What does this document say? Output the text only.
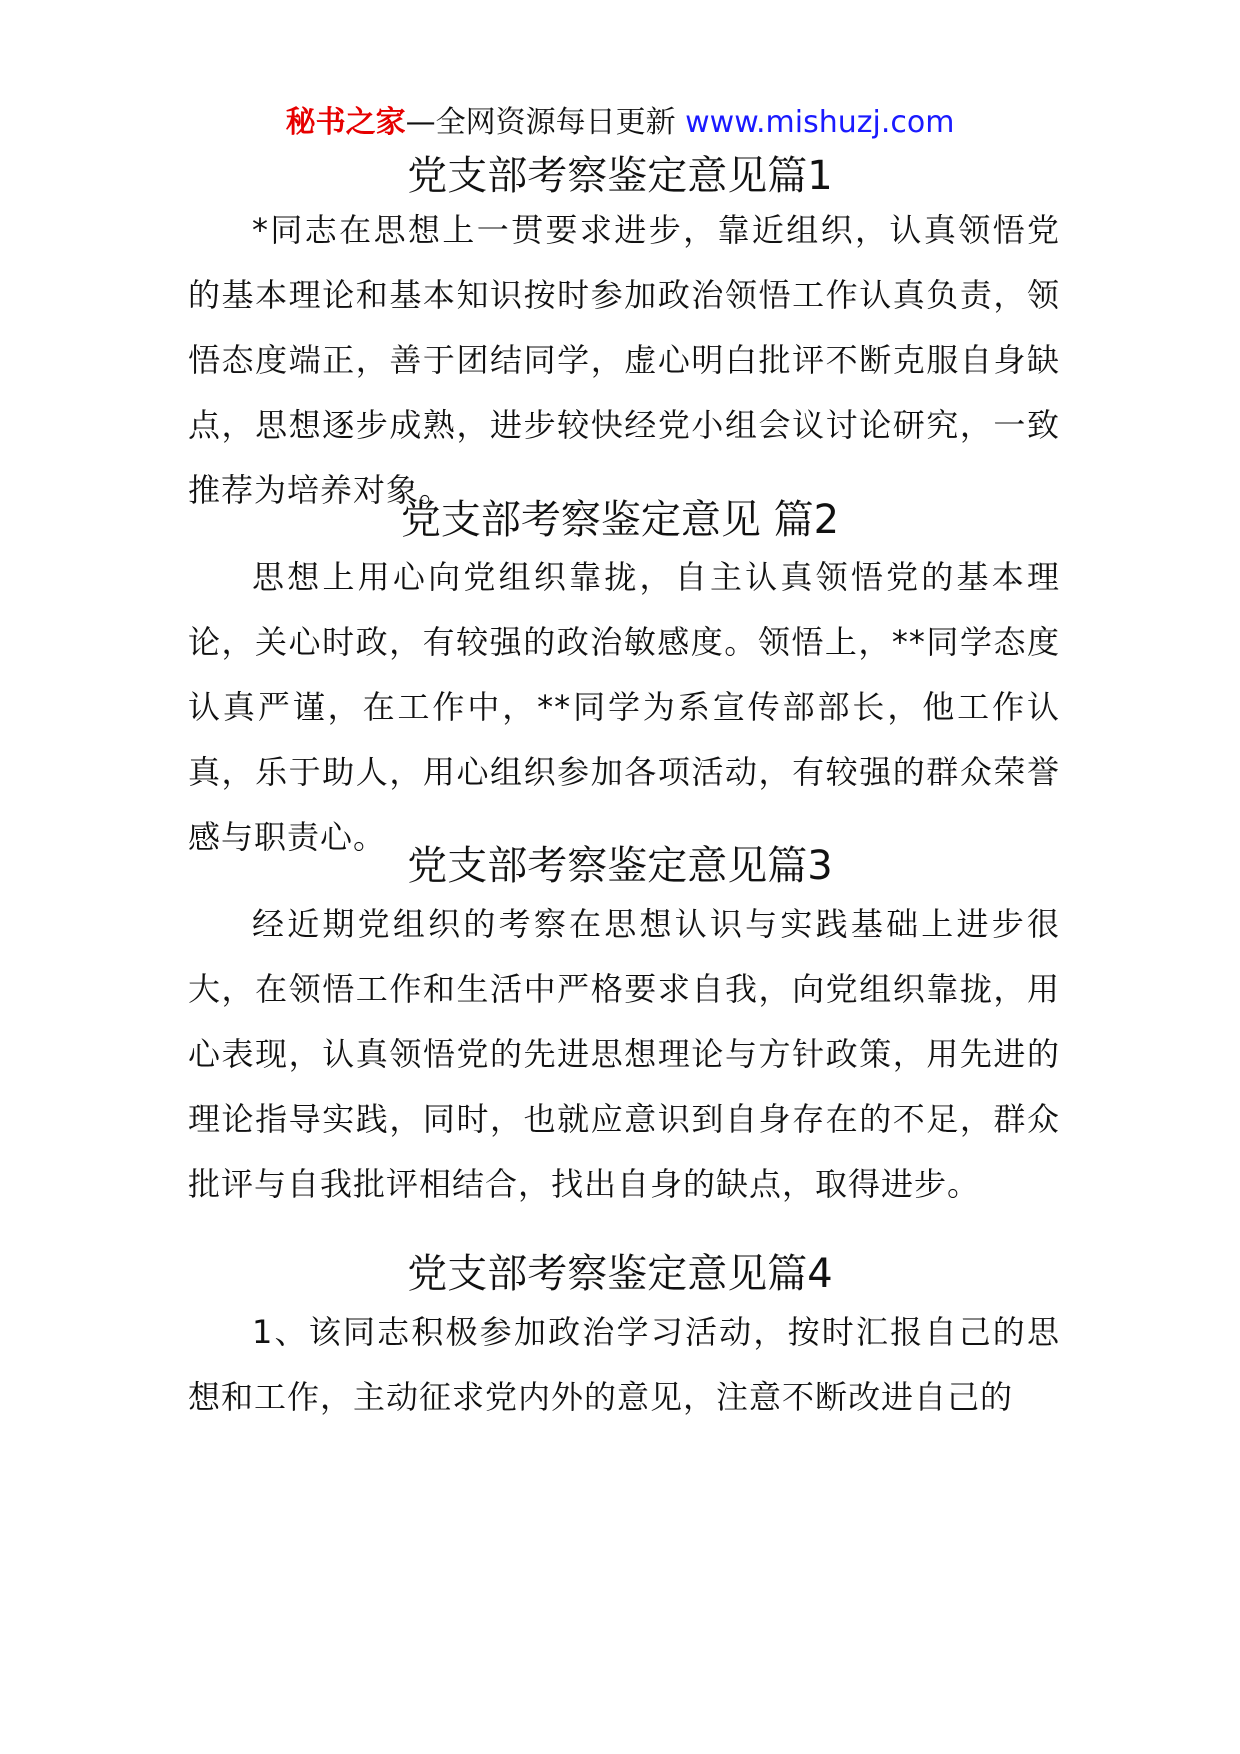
秘书之家—全网资源每日更新 www.mishuzj.com
党支部考察鉴定意见篇1

*同志在思想上一贯要求进步，靠近组织，认真领悟党的基本理论和基本知识按时参加政治领悟工作认真负责，领悟态度端正，善于团结同学，虚心明白批评不断克服自身缺点，思想逐步成熟，进步较快经党小组会议讨论研究，一致推荐为培养对象。

党支部考察鉴定意见 篇2

思想上用心向党组织靠拢，自主认真领悟党的基本理论，关心时政，有较强的政治敏感度。领悟上，**同学态度认真严谨，在工作中，**同学为系宣传部部长，他工作认真，乐于助人，用心组织参加各项活动，有较强的群众荣誉感与职责心。

党支部考察鉴定意见篇3

经近期党组织的考察在思想认识与实践基础上进步很大，在领悟工作和生活中严格要求自我，向党组织靠拢，用心表现，认真领悟党的先进思想理论与方针政策，用先进的理论指导实践，同时，也就应意识到自身存在的不足，群众批评与自我批评相结合，找出自身的缺点，取得进步。

党支部考察鉴定意见篇4

1、该同志积极参加政治学习活动，按时汇报自己的思想和工作，主动征求党内外的意见，注意不断改进自己的
